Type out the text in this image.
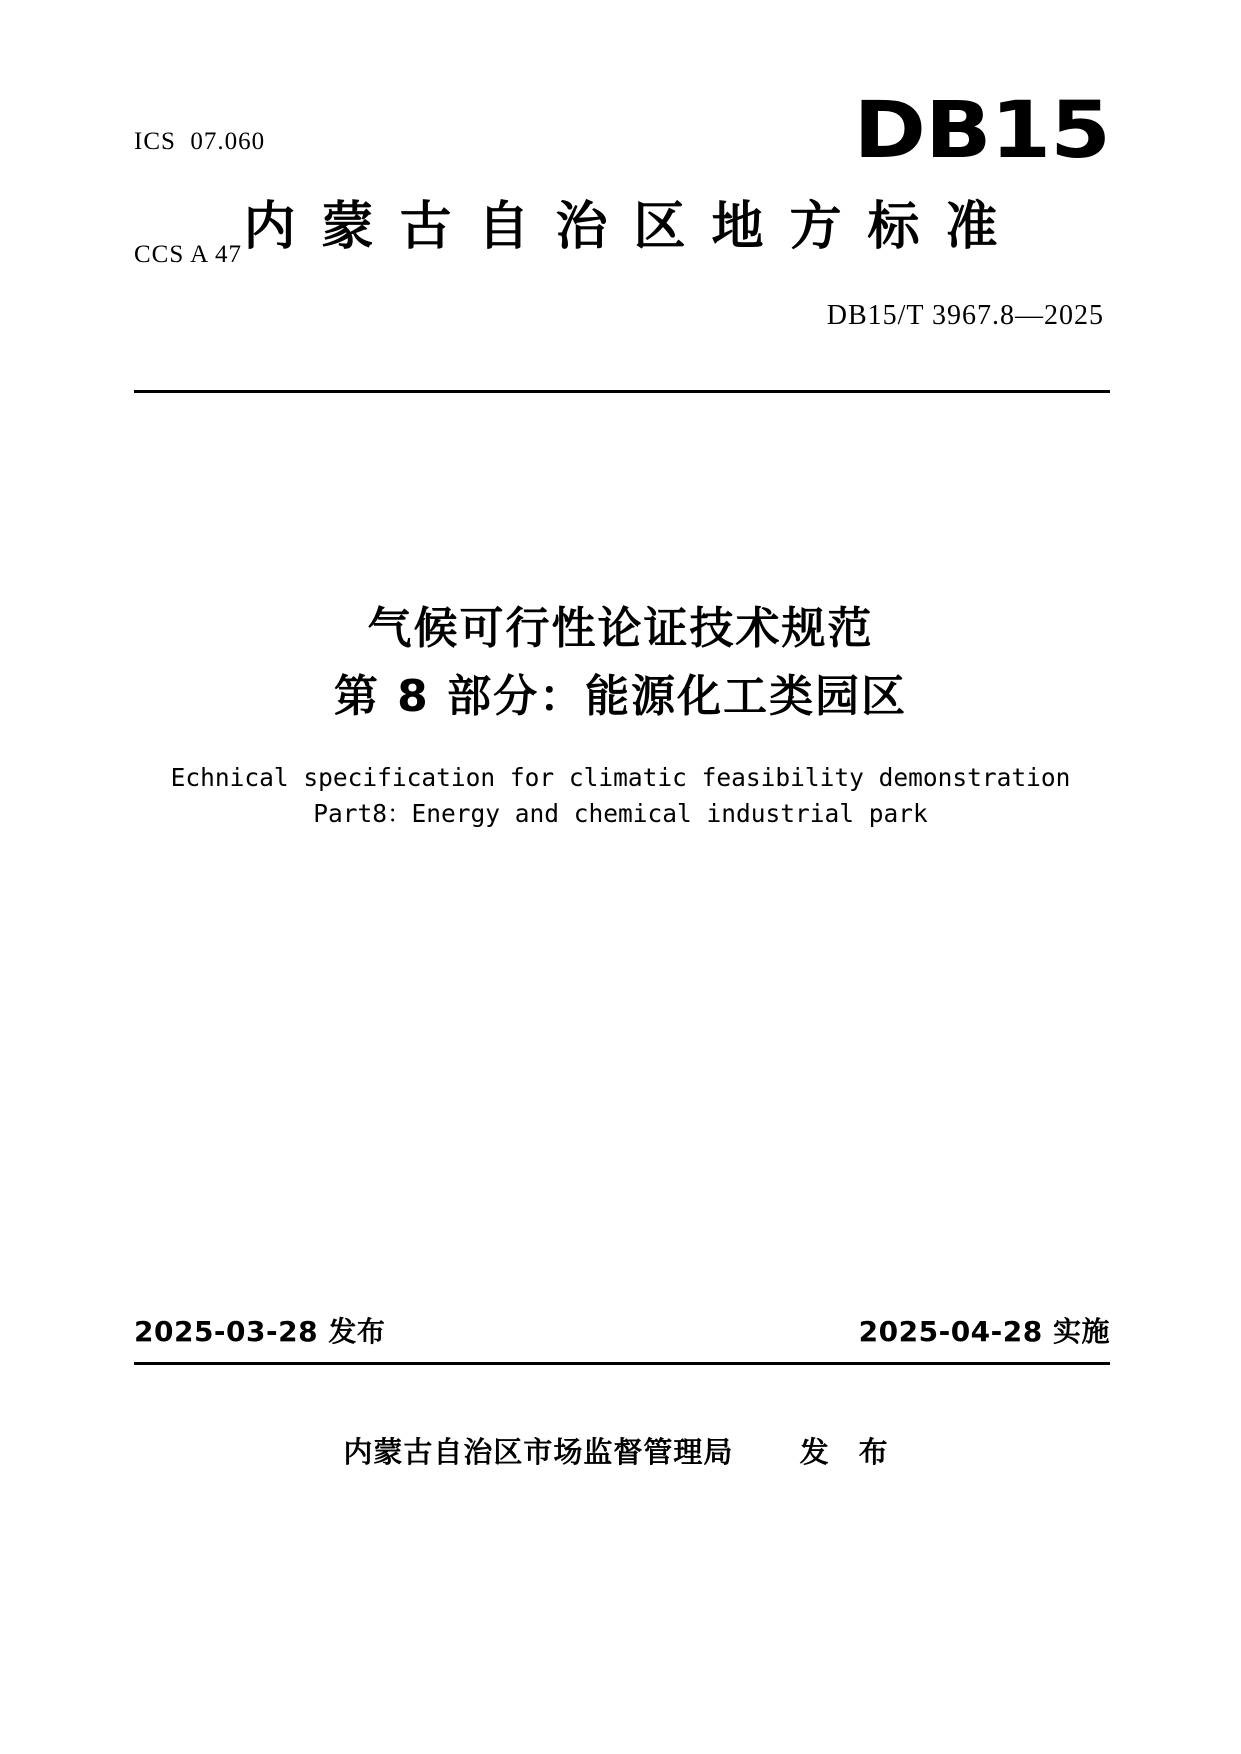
ICS  07.060

CCS A 47

DB15
内蒙古自治区地方标准
DB15/T 3967.8—2025
气候可行性论证技术规范
第 8 部分：能源化工类园区
Echnical specification for climatic feasibility demonstration
Part8：Energy and chemical industrial park
2025-03-28 发布	2025-04-28 实施
内蒙古自治区市场监督管理局 发 布
